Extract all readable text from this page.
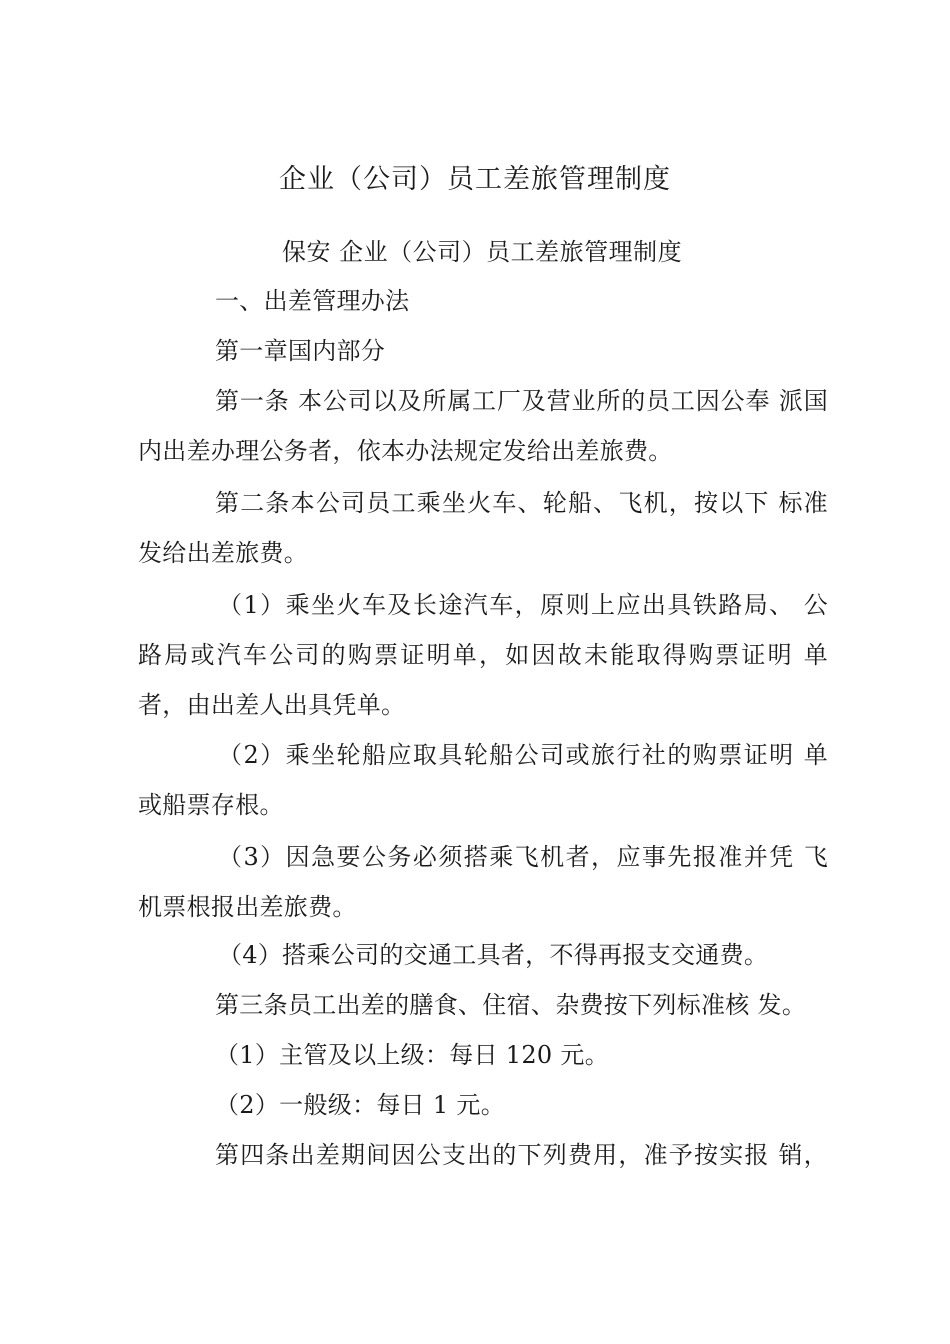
企业（公司）员工差旅管理制度
保安 企业（公司）员工差旅管理制度
一、出差管理办法
第一章国内部分
第一条 本公司以及所属工厂及营业所的员工因公奉 派国
内出差办理公务者，依本办法规定发给出差旅费。
第二条本公司员工乘坐火车、轮船、飞机，按以下 标准
发给出差旅费。
（1）乘坐火车及长途汽车，原则上应出具铁路局、 公
路局或汽车公司的购票证明单，如因故未能取得购票证明 单
者，由出差人出具凭单。
（2）乘坐轮船应取具轮船公司或旅行社的购票证明 单
或船票存根。
（3）因急要公务必须搭乘飞机者，应事先报准并凭 飞
机票根报出差旅费。
（4）搭乘公司的交通工具者，不得再报支交通费。
第三条员工出差的膳食、住宿、杂费按下列标准核 发。
（1）主管及以上级：每日 120 元。
（2）一般级：每日 1 元。
第四条出差期间因公支出的下列费用，准予按实报 销，
